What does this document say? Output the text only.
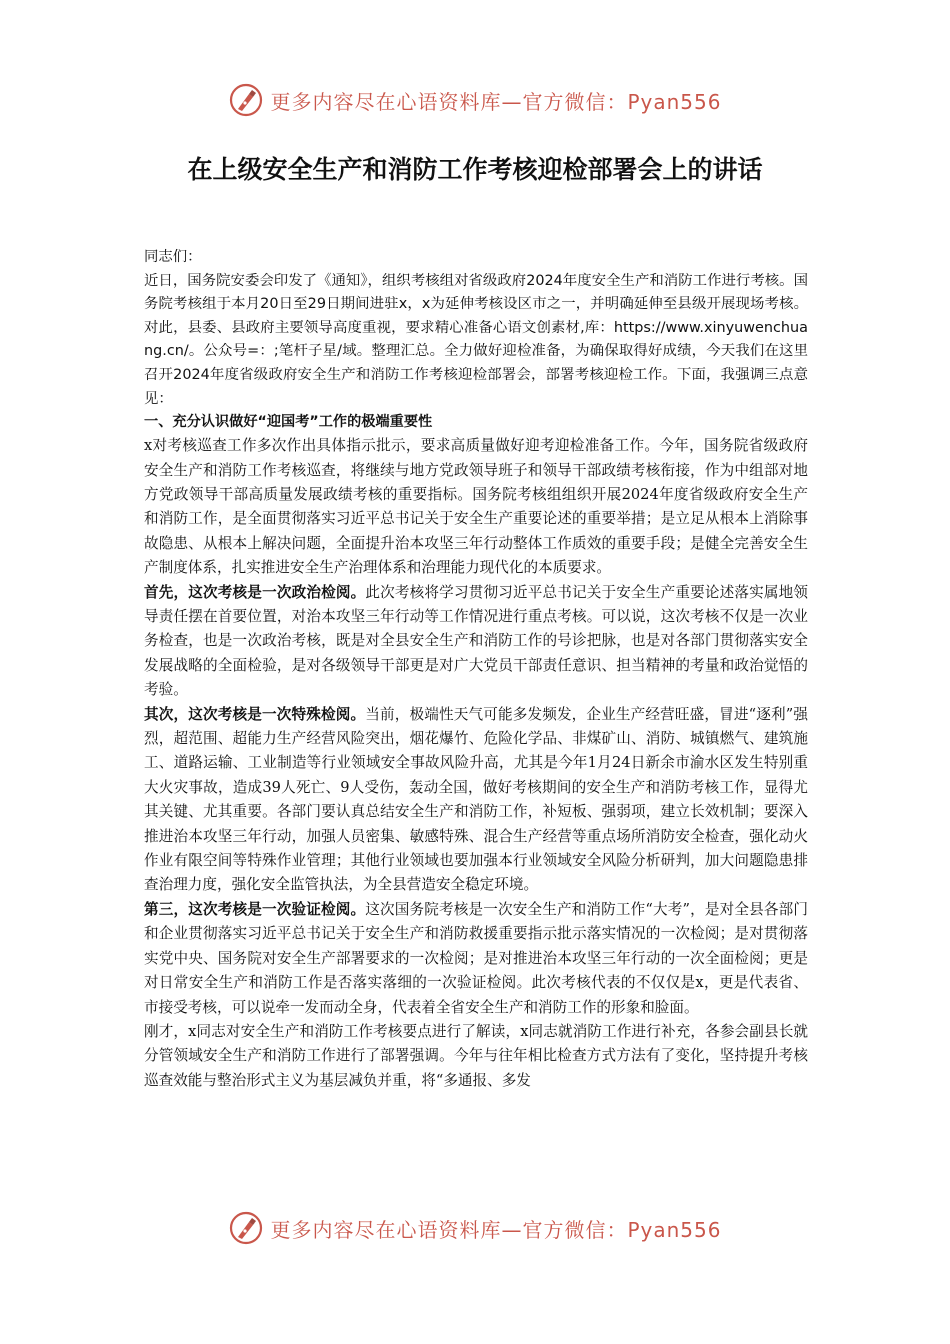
更多内容尽在心语资料库—官方微信：Pyan556
在上级安全生产和消防工作考核迎检部署会上的讲话

同志们：

近日，国务院安委会印发了《通知》，组织考核组对省级政府2024年度安全生产和消防工作进行考核。国务院考核组于本月20日至29日期间进驻x，x为延伸考核设区市之一，并明确延伸至县级开展现场考核。对此，县委、县政府主要领导高度重视，要求精心准备心语文创素材,库：https://www.xinyuwenchuang.cn/。公众号=：;笔杆子星/域。整理汇总。全力做好迎检准备，为确保取得好成绩，今天我们在这里召开2024年度省级政府安全生产和消防工作考核迎检部署会，部署考核迎检工作。下面，我强调三点意见：

一、充分认识做好“迎国考”工作的极端重要性

x对考核巡查工作多次作出具体指示批示，要求高质量做好迎考迎检准备工作。今年，国务院省级政府安全生产和消防工作考核巡查，将继续与地方党政领导班子和领导干部政绩考核衔接，作为中组部对地方党政领导干部高质量发展政绩考核的重要指标。国务院考核组组织开展2024年度省级政府安全生产和消防工作，是全面贯彻落实习近平总书记关于安全生产重要论述的重要举措；是立足从根本上消除事故隐患、从根本上解决问题，全面提升治本攻坚三年行动整体工作质效的重要手段；是健全完善安全生产制度体系，扎实推进安全生产治理体系和治理能力现代化的本质要求。

首先，这次考核是一次政治检阅。此次考核将学习贯彻习近平总书记关于安全生产重要论述落实属地领导责任摆在首要位置，对治本攻坚三年行动等工作情况进行重点考核。可以说，这次考核不仅是一次业务检查，也是一次政治考核，既是对全县安全生产和消防工作的号诊把脉，也是对各部门贯彻落实安全发展战略的全面检验，是对各级领导干部更是对广大党员干部责任意识、担当精神的考量和政治觉悟的考验。

其次，这次考核是一次特殊检阅。当前，极端性天气可能多发频发，企业生产经营旺盛，冒进“逐利”强烈，超范围、超能力生产经营风险突出，烟花爆竹、危险化学品、非煤矿山、消防、城镇燃气、建筑施工、道路运输、工业制造等行业领域安全事故风险升高，尤其是今年1月24日新余市渝水区发生特别重大火灾事故，造成39人死亡、9人受伤，轰动全国，做好考核期间的安全生产和消防考核工作，显得尤其关键、尤其重要。各部门要认真总结安全生产和消防工作，补短板、强弱项，建立长效机制；要深入推进治本攻坚三年行动，加强人员密集、敏感特殊、混合生产经营等重点场所消防安全检查，强化动火作业有限空间等特殊作业管理；其他行业领域也要加强本行业领域安全风险分析研判，加大问题隐患排查治理力度，强化安全监管执法，为全县营造安全稳定环境。

第三，这次考核是一次验证检阅。这次国务院考核是一次安全生产和消防工作“大考”，是对全县各部门和企业贯彻落实习近平总书记关于安全生产和消防救援重要指示批示落实情况的一次检阅；是对贯彻落实党中央、国务院对安全生产部署要求的一次检阅；是对推进治本攻坚三年行动的一次全面检阅；更是对日常安全生产和消防工作是否落实落细的一次验证检阅。此次考核代表的不仅仅是x，更是代表省、市接受考核，可以说牵一发而动全身，代表着全省安全生产和消防工作的形象和脸面。

刚才，x同志对安全生产和消防工作考核要点进行了解读，x同志就消防工作进行补充，各参会副县长就分管领域安全生产和消防工作进行了部署强调。今年与往年相比检查方式方法有了变化，坚持提升考核巡查效能与整治形式主义为基层减负并重，将“多通报、多发

更多内容尽在心语资料库—官方微信：Pyan556
